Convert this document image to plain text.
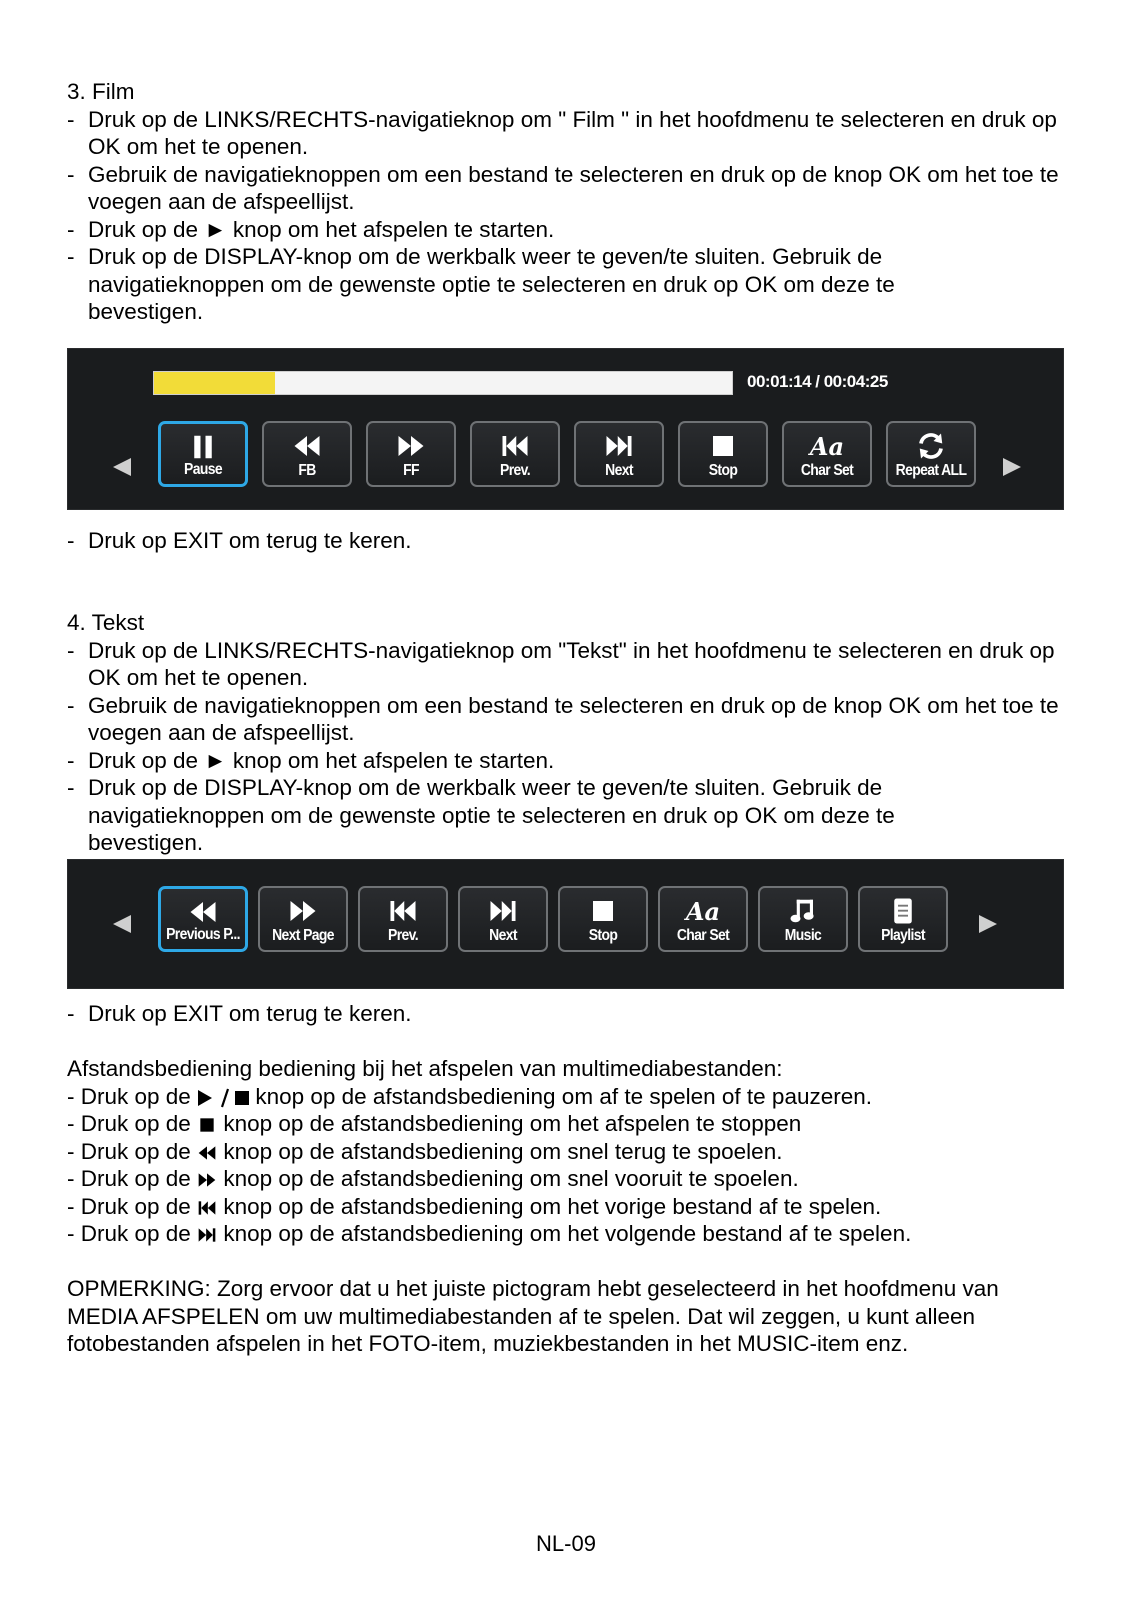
3. Film

- Druk op de LINKS/RECHTS-navigatieknop om " Film " in het hoofdmenu te selecteren en druk op OK om het te openen.
- Gebruik de navigatieknoppen om een bestand te selecteren en druk op de knop OK om het toe te voegen aan de afspeellijst.
- Druk op de ► knop om het afspelen te starten.
- Druk op de DISPLAY-knop om de werkbalk weer te geven/te sluiten. Gebruik de navigatieknoppen om de gewenste optie te selecteren en druk op OK om deze te bevestigen.
00:01:14 / 00:04:25
Pause	FB	FF	Prev.	Next	Stop
Aa
Char Set	Repeat ALL
- Druk op EXIT om terug te keren.

4. Tekst

- Druk op de LINKS/RECHTS-navigatieknop om "Tekst" in het hoofdmenu te selecteren en druk op OK om het te openen.
- Gebruik de navigatieknoppen om een bestand te selecteren en druk op de knop OK om het toe te voegen aan de afspeellijst.
- Druk op de ► knop om het afspelen te starten.
- Druk op de DISPLAY-knop om de werkbalk weer te geven/te sluiten. Gebruik de navigatieknoppen om de gewenste optie te selecteren en druk op OK om deze te bevestigen.
Previous P...	Next Page	Prev.	Next	Stop
Aa
Char Set	Music	Playlist
- Druk op EXIT om terug te keren.
Afstandsbediening bediening bij het afspelen van multimediabestanden:
- Druk op de
knop op de afstandsbediening om af te spelen of te pauzeren.
- Druk op de
knop op de afstandsbediening om het afspelen te stoppen
- Druk op de
knop op de afstandsbediening om snel terug te spoelen.
- Druk op de
knop op de afstandsbediening om snel vooruit te spoelen.
- Druk op de
knop op de afstandsbediening om het vorige bestand af te spelen.
- Druk op de
knop op de afstandsbediening om het volgende bestand af te spelen.
OPMERKING: Zorg ervoor dat u het juiste pictogram hebt geselecteerd in het hoofdmenu van MEDIA AFSPELEN om uw multimediabestanden af te spelen. Dat wil zeggen, u kunt alleen fotobestanden afspelen in het FOTO-item, muziekbestanden in het MUSIC-item enz.
NL-09
